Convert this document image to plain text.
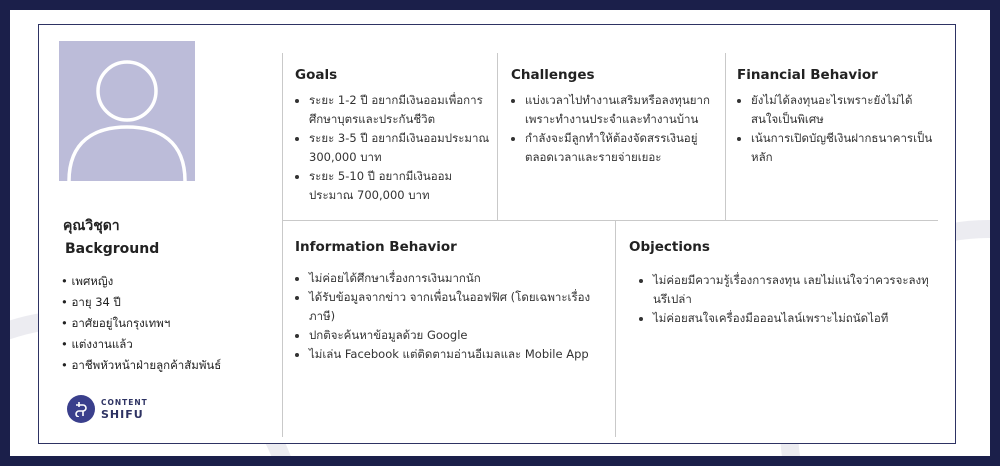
คุณวิชุดา
Background
• เพศหญิง
• อายุ 34 ปี
• อาศัยอยู่ในกรุงเทพฯ
• แต่งงานแล้ว
• อาชีพหัวหน้าฝ่ายลูกค้าสัมพันธ์
CONTENT
SHIFU
Goals
• ระยะ 1-2 ปี อยากมีเงินออมเพื่อการศึกษาบุตรและประกันชีวิต
• ระยะ 3-5 ปี อยากมีเงินออมประมาณ 300,000 บาท
• ระยะ 5-10 ปี อยากมีเงินออมประมาณ 700,000 บาท
Challenges
• แบ่งเวลาไปทำงานเสริมหรือลงทุนยากเพราะทำงานประจำและทำงานบ้าน
• กำลังจะมีลูกทำให้ต้องจัดสรรเงินอยู่ตลอดเวลาและรายจ่ายเยอะ
Financial Behavior
• ยังไม่ได้ลงทุนอะไรเพราะยังไม่ได้สนใจเป็นพิเศษ
• เน้นการเปิดบัญชีเงินฝากธนาคารเป็นหลัก
Information Behavior
• ไม่ค่อยได้ศึกษาเรื่องการเงินมากนัก
• ได้รับข้อมูลจากข่าว จากเพื่อนในออฟฟิศ (โดยเฉพาะเรื่องภาษี)
• ปกติจะค้นหาข้อมูลด้วย Google
• ไม่เล่น Facebook แต่ติดตามอ่านอีเมลและ Mobile App
Objections
• ไม่ค่อยมีความรู้เรื่องการลงทุน เลยไม่แน่ใจว่าควรจะลงทุนรึเปล่า
• ไม่ค่อยสนใจเครื่องมือออนไลน์เพราะไม่ถนัดไอที
